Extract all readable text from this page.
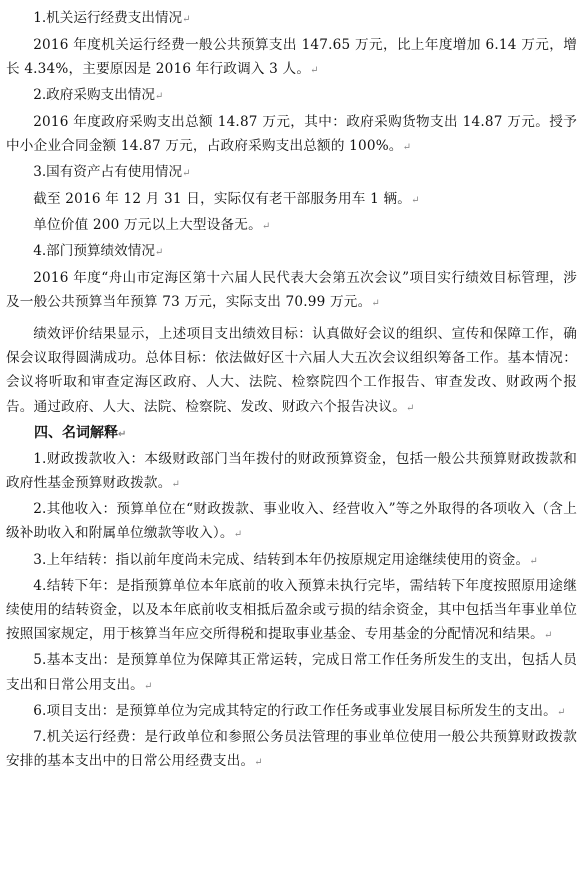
1.机关运行经费支出情况↵

2016 年度机关运行经费一般公共预算支出 147.65 万元，比上年度增加 6.14 万元，增长 4.34%，主要原因是 2016 年行政调入 3 人。↵

2.政府采购支出情况↵

2016 年度政府采购支出总额 14.87 万元，其中：政府采购货物支出 14.87 万元。授予中小企业合同金额 14.87 万元，占政府采购支出总额的 100%。↵

3.国有资产占有使用情况↵

截至 2016 年 12 月 31 日，实际仅有老干部服务用车 1 辆。↵

单位价值 200 万元以上大型设备无。↵

4.部门预算绩效情况↵

2016 年度“舟山市定海区第十六届人民代表大会第五次会议”项目实行绩效目标管理，涉及一般公共预算当年预算 73 万元，实际支出 70.99 万元。↵

绩效评价结果显示，上述项目支出绩效目标：认真做好会议的组织、宣传和保障工作，确保会议取得圆满成功。总体目标：依法做好区十六届人大五次会议组织筹备工作。基本情况：会议将听取和审查定海区政府、人大、法院、检察院四个工作报告、审查发改、财政两个报告。通过政府、人大、法院、检察院、发改、财政六个报告决议。↵

四、名词解释↵

1.财政拨款收入：本级财政部门当年拨付的财政预算资金，包括一般公共预算财政拨款和政府性基金预算财政拨款。↵

2.其他收入：预算单位在“财政拨款、事业收入、经营收入”等之外取得的各项收入（含上级补助收入和附属单位缴款等收入）。↵

3.上年结转：指以前年度尚未完成、结转到本年仍按原规定用途继续使用的资金。↵

4.结转下年：是指预算单位本年底前的收入预算未执行完毕，需结转下年度按照原用途继续使用的结转资金，以及本年底前收支相抵后盈余或亏损的结余资金，其中包括当年事业单位按照国家规定，用于核算当年应交所得税和提取事业基金、专用基金的分配情况和结果。↵

5.基本支出：是预算单位为保障其正常运转，完成日常工作任务所发生的支出，包括人员支出和日常公用支出。↵

6.项目支出：是预算单位为完成其特定的行政工作任务或事业发展目标所发生的支出。↵

7.机关运行经费：是行政单位和参照公务员法管理的事业单位使用一般公共预算财政拨款安排的基本支出中的日常公用经费支出。↵
